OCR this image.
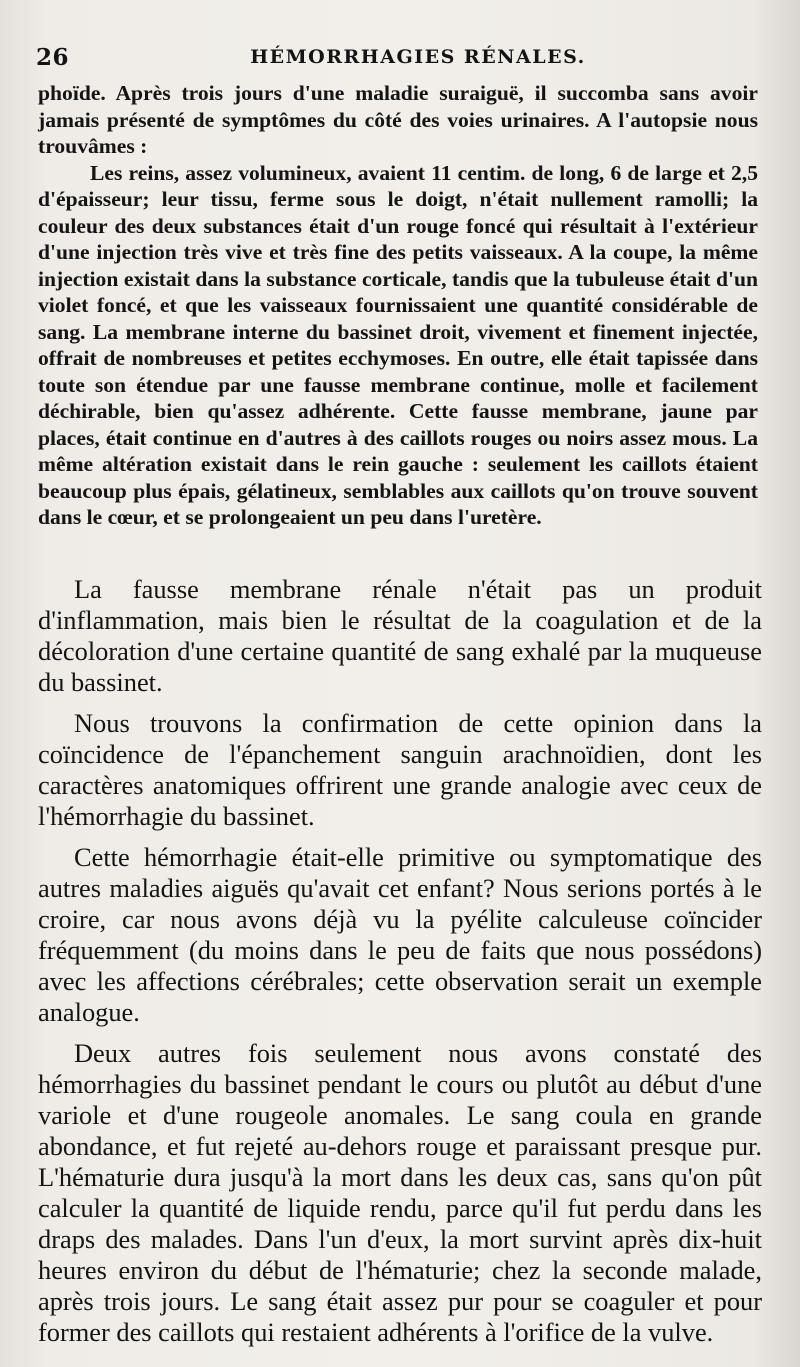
26	HÉMORRHAGIES RÉNALES.

phoïde. Après trois jours d'une maladie suraiguë, il succomba sans avoir jamais présenté de symptômes du côté des voies urinaires. A l'autopsie nous trouvâmes :

Les reins, assez volumineux, avaient 11 centim. de long, 6 de large et 2,5 d'épaisseur; leur tissu, ferme sous le doigt, n'était nullement ramolli; la couleur des deux substances était d'un rouge foncé qui résultait à l'extérieur d'une injection très vive et très fine des petits vaisseaux. A la coupe, la même injection existait dans la substance corticale, tandis que la tubuleuse était d'un violet foncé, et que les vaisseaux fournissaient une quantité considérable de sang. La membrane interne du bassinet droit, vivement et finement injectée, offrait de nombreuses et petites ecchymoses. En outre, elle était tapissée dans toute son étendue par une fausse membrane continue, molle et facilement déchirable, bien qu'assez adhérente. Cette fausse membrane, jaune par places, était continue en d'autres à des caillots rouges ou noirs assez mous. La même altération existait dans le rein gauche : seulement les caillots étaient beaucoup plus épais, gélatineux, semblables aux caillots qu'on trouve souvent dans le cœur, et se prolongeaient un peu dans l'uretère.

La fausse membrane rénale n'était pas un produit d'inflammation, mais bien le résultat de la coagulation et de la décoloration d'une certaine quantité de sang exhalé par la muqueuse du bassinet.

Nous trouvons la confirmation de cette opinion dans la coïncidence de l'épanchement sanguin arachnoïdien, dont les caractères anatomiques offrirent une grande analogie avec ceux de l'hémorrhagie du bassinet.

Cette hémorrhagie était-elle primitive ou symptomatique des autres maladies aiguës qu'avait cet enfant? Nous serions portés à le croire, car nous avons déjà vu la pyélite calculeuse coïncider fréquemment (du moins dans le peu de faits que nous possédons) avec les affections cérébrales; cette observation serait un exemple analogue.

Deux autres fois seulement nous avons constaté des hémorrhagies du bassinet pendant le cours ou plutôt au début d'une variole et d'une rougeole anomales. Le sang coula en grande abondance, et fut rejeté au-dehors rouge et paraissant presque pur. L'hématurie dura jusqu'à la mort dans les deux cas, sans qu'on pût calculer la quantité de liquide rendu, parce qu'il fut perdu dans les draps des malades. Dans l'un d'eux, la mort survint après dix-huit heures environ du début de l'hématurie; chez la seconde malade, après trois jours. Le sang était assez pur pour se coaguler et pour former des caillots qui restaient adhérents à l'orifice de la vulve.
